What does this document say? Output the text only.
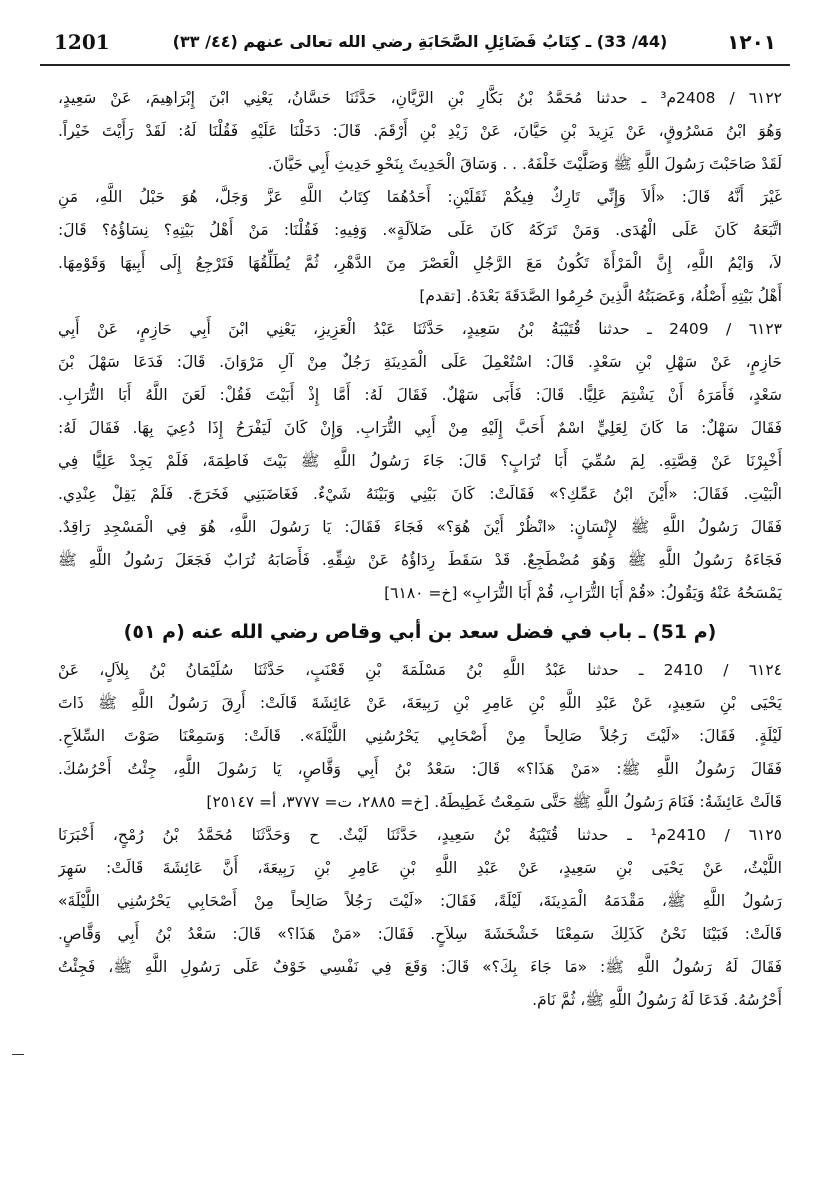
1201	(44/ 33) ـ كِتَابُ فَضَائِلِ الصَّحَابَةِ رضي الله تعالى عنهم (٤٤/ ٣٣)	١٢٠١
٦١٢٢ / 2408م³ ـ حدثنا مُحَمَّدُ بْنُ بَكَّارِ بْنِ الرَّيَّانِ، حَدَّثَنَا حَسَّانُ، يَعْنِي ابْنَ إِبْرَاهِيمَ، عَنْ سَعِيدٍ،
وَهُوَ ابْنُ مَسْرُوقٍ، عَنْ يَزِيدَ بْنِ حَيَّانَ، عَنْ زَيْدِ بْنِ أَرْقَمَ. قَالَ: دَخَلْنَا عَلَيْهِ فَقُلْنَا لَهُ: لَقَدْ رَأَيْتَ خَيْراً.
لَقَدْ صَاحَبْتَ رَسُولَ اللَّهِ ﷺ وَصَلَّيْتَ خَلْفَهُ. . . وَسَاقَ الْحَدِيثَ بِنَحْوِ حَدِيثِ أَبِي حَيَّانَ.
غَيْرَ أَنَّهُ قَالَ: «أَلاَ وَإِنِّي تَارِكٌ فِيكُمْ ثَقَلَيْنِ: أَحَدُهُمَا كِتَابُ اللَّهِ عَزَّ وَجَلَّ، هُوَ حَبْلُ اللَّهِ، مَنِ
اتَّبَعَهُ كَانَ عَلَى الْهُدَى. وَمَنْ تَرَكَهُ كَانَ عَلَى ضَلاَلَةٍ». وَفِيهِ: فَقُلْنَا: مَنْ أَهْلُ بَيْتِهِ؟ نِسَاؤُهُ؟ قَالَ:
لاَ، وَايْمُ اللَّهِ، إِنَّ الْمَرْأَةَ تَكُونُ مَعَ الرَّجُلِ الْعَصْرَ مِنَ الدَّهْرِ، ثُمَّ يُطَلِّقُهَا فَتَرْجِعُ إِلَى أَبِيهَا وَقَوْمِهَا.
أَهْلُ بَيْتِهِ أَصْلُهُ، وَعَصَبَتُهُ الَّذِينَ حُرِمُوا الصَّدَقَةَ بَعْدَهُ. [تقدم]
٦١٢٣ / 2409 ـ حدثنا قُتَيْبَةُ بْنُ سَعِيدٍ، حَدَّثَنَا عَبْدُ الْعَزِيزِ، يَعْنِي ابْنَ أَبِي حَازِمٍ، عَنْ أَبِي
حَازِمٍ، عَنْ سَهْلِ بْنِ سَعْدٍ. قَالَ: اسْتُعْمِلَ عَلَى الْمَدِينَةِ رَجُلٌ مِنْ آلِ مَرْوَانَ. قَالَ: فَدَعَا سَهْلَ بْنَ
سَعْدٍ، فَأَمَرَهُ أَنْ يَشْتِمَ عَلِيًّا. قَالَ: فَأَبَى سَهْلٌ. فَقَالَ لَهُ: أَمَّا إِذْ أَبَيْتَ فَقُلْ: لَعَنَ اللَّهُ أَبَا التُّرَابِ.
فَقَالَ سَهْلٌ: مَا كَانَ لِعَلِيٍّ اسْمٌ أَحَبَّ إِلَيْهِ مِنْ أَبِي التُّرَابِ. وَإِنْ كَانَ لَيَفْرَحُ إِذَا دُعِيَ بِهَا. فَقَالَ لَهُ:
أَخْبِرْنَا عَنْ قِصَّتِهِ. لِمَ سُمِّيَ أَبَا تُرَابٍ؟ قَالَ: جَاءَ رَسُولُ اللَّهِ ﷺ بَيْتَ فَاطِمَةَ، فَلَمْ يَجِدْ عَلِيًّا فِي
الْبَيْتِ. فَقَالَ: «أَيْنَ ابْنُ عَمِّكِ؟» فَقَالَتْ: كَانَ بَيْنِي وَبَيْنَهُ شَيْءٌ. فَغَاضَبَنِي فَخَرَجَ. فَلَمْ يَقِلْ عِنْدِي.
فَقَالَ رَسُولُ اللَّهِ ﷺ لإِنْسَانٍ: «انْظُرْ أَيْنَ هُوَ؟» فَجَاءَ فَقَالَ: يَا رَسُولَ اللَّهِ، هُوَ فِي الْمَسْجِدِ رَاقِدٌ.
فَجَاءَهُ رَسُولُ اللَّهِ ﷺ وَهُوَ مُضْطَجِعٌ. قَدْ سَقَطَ رِدَاؤُهُ عَنْ شِقِّهِ. فَأَصَابَهُ تُرَابٌ فَجَعَلَ رَسُولُ اللَّهِ ﷺ
يَمْسَحُهُ عَنْهُ وَيَقُولُ: «قُمْ أَبَا التُّرَابِ، قُمْ أَبَا التُّرَابِ» [خ= ٦١٨٠]
(م 51) ـ باب في فضل سعد بن أبي وقاص رضي الله عنه (م ٥١)
٦١٢٤ / 2410 ـ حدثنا عَبْدُ اللَّهِ بْنُ مَسْلَمَةَ بْنِ قَعْنَبٍ، حَدَّثَنَا سُلَيْمَانُ بْنُ بِلاَلٍ، عَنْ
يَحْيَى بْنِ سَعِيدٍ، عَنْ عَبْدِ اللَّهِ بْنِ عَامِرِ بْنِ رَبِيعَةَ، عَنْ عَائِشَةَ قَالَتْ: أَرِقَ رَسُولُ اللَّهِ ﷺ ذَاتَ
لَيْلَةٍ. فَقَالَ: «لَيْتَ رَجُلاً صَالِحاً مِنْ أَصْحَابِي يَحْرُسُنِي اللَّيْلَةَ». قَالَتْ: وَسَمِعْنَا صَوْتَ السِّلاَحِ.
فَقَالَ رَسُولُ اللَّهِ ﷺ: «مَنْ هَذَا؟» قَالَ: سَعْدُ بْنُ أَبِي وَقَّاصٍ، يَا رَسُولَ اللَّهِ، جِئْتُ أَحْرُسُكَ.
قَالَتْ عَائِشَةُ: فَنَامَ رَسُولُ اللَّهِ ﷺ حَتَّى سَمِعْتُ غَطِيطَهُ. [خ= ٢٨٨٥، ت= ٣٧٧٧، أ= ٢٥١٤٧]
٦١٢٥ / 2410م¹ ـ حدثنا قُتَيْبَةُ بْنُ سَعِيدٍ، حَدَّثَنَا لَيْثٌ. ح وَحَدَّثَنَا مُحَمَّدُ بْنُ رُمْحٍ، أَخْبَرَنَا
اللَّيْثُ، عَنْ يَحْيَى بْنِ سَعِيدٍ، عَنْ عَبْدِ اللَّهِ بْنِ عَامِرِ بْنِ رَبِيعَةَ، أَنَّ عَائِشَةَ قَالَتْ: سَهِرَ
رَسُولُ اللَّهِ ﷺ، مَقْدَمَهُ الْمَدِينَةَ، لَيْلَةً، فَقَالَ: «لَيْتَ رَجُلاً صَالِحاً مِنْ أَصْحَابِي يَحْرُسُنِي اللَّيْلَةَ»
قَالَتْ: فَبَيْنَا نَحْنُ كَذَلِكَ سَمِعْنَا خَشْخَشَةَ سِلاَحٍ. فَقَالَ: «مَنْ هَذَا؟» قَالَ: سَعْدُ بْنُ أَبِي وَقَّاصٍ.
فَقَالَ لَهُ رَسُولُ اللَّهِ ﷺ: «مَا جَاءَ بِكَ؟» قَالَ: وَقَعَ فِي نَفْسِي خَوْفٌ عَلَى رَسُولِ اللَّهِ ﷺ، فَجِئْتُ
أَحْرُسُهُ. فَدَعَا لَهُ رَسُولُ اللَّهِ ﷺ، ثُمَّ نَامَ.
